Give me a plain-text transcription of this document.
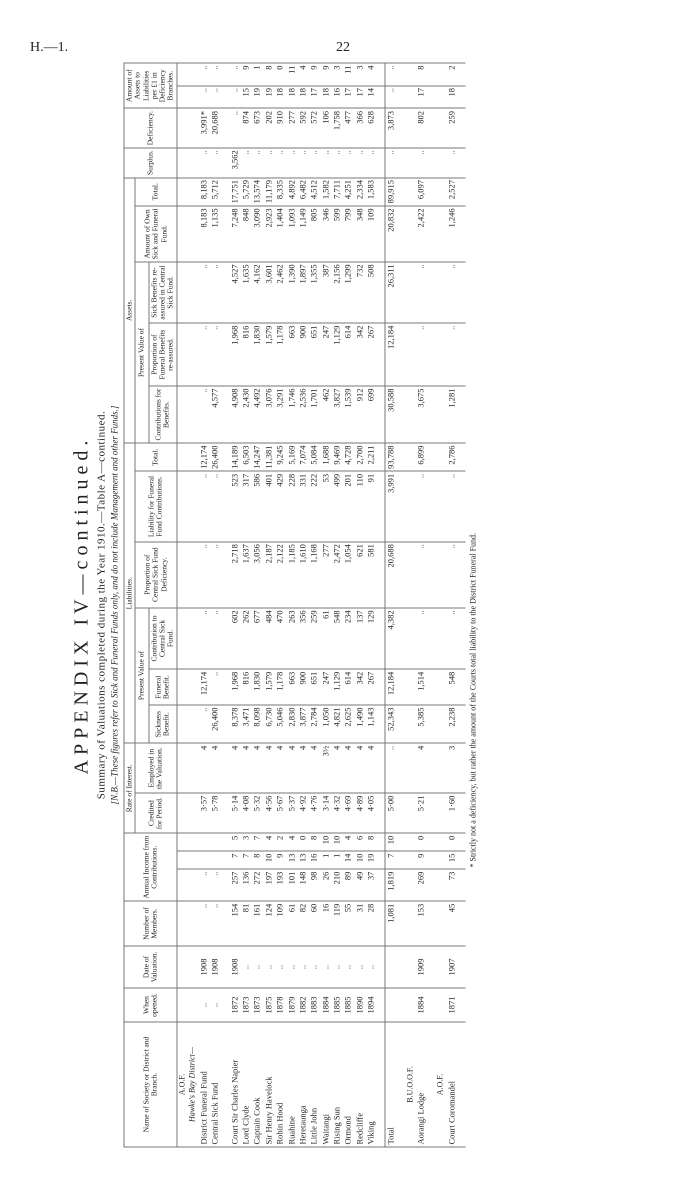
H.—1.	22
APPENDIX IV—continued. Summary of Valuations completed during the Year 1910.—Table A—continued. [N.B.—These figures refer to Sick and Funeral Funds only, and do not include Management and other Funds.]
Name of Society or District and Branch.	When opened.	Date of Valuation.	Number of Members.	Annual Income from Contributions.			Rate of Interest.		Liabilities.						Assets.					Surplus.	Deficiency.	Amount of Assets to Liabilities per £1 in Deficiency Branches.	
							Credited for Period.	Employed in the Valuation.	Present Value of			Proportion of Central Sick Fund Deficiency.	Liability for Funeral Fund Contributions.	Total.	Present Value of			Amount of Own Sick and Funeral Fund.	Total.				
									Sickness Benefit.	Funeral Benefit.	Contribution to Central Sick Fund.				Contributions for Benefits.	Proportion of Funeral Benefits re-assured.	Sick Benefits re-assured in Central Sick Fund.						
A.O.F.																							
Hawke's Bay District—																							
District Funeral Fund	..	1908	..	..			3·57	4	..	12,174	..	..	..	12,174	..	..	..	8,183	8,183	..	3,991*	..	..
Central Sick Fund	..	1908	..	..			5·78	4	26,400	..	..	..	..	26,400	4,577	..	..	1,135	5,712	..	20,688	..	..

Court Sir Charles Napier	1872	1908	154	257	7	5	5·14	4	8,378	1,968	602	2,718	523	14,189	4,908	1,968	4,527	7,248	17,751	3,562	..	..	..
Lord Clyde	1873	..	81	136	7	3	4·08	4	3,471	816	262	1,637	317	6,503	2,430	816	1,635	848	5,729	..	874	15	9
Captain Cook	1873	..	161	272	8	7	5·32	4	8,098	1,830	677	3,056	586	14,247	4,492	1,830	4,162	3,090	13,574	..	673	19	1
Sir Henry Havelock	1875	..	124	197	10	4	4·56	4	6,730	1,579	484	2,187	401	11,381	3,076	1,579	3,601	2,923	11,179	..	202	19	8
Robin Hood	1878	..	109	193	9	2	5·67	4	5,046	1,178	470	2,122	429	9,245	3,291	1,178	2,462	1,404	8,335	..	910	18	0
Ruahine	1879	..	61	101	13	4	5·37	4	2,830	663	263	1,185	228	5,169	1,746	663	1,390	1,093	4,892	..	277	18	11
Heretaunga	1882	..	82	148	13	0	4·92	4	3,877	900	356	1,610	331	7,074	2,536	900	1,897	1,149	6,482	..	592	18	4
Little John	1883	..	60	98	16	8	4·76	4	2,784	651	259	1,168	222	5,084	1,701	651	1,355	805	4,512	..	572	17	9
Waitangi	1884	..	16	26	1	10	3·14	3½	1,050	247	61	277	53	1,688	462	247	387	346	1,582	..	106	18	9
Rising Sun	1885	..	119	210	1	10	4·32	4	4,821	1,129	548	2,472	499	9,469	3,827	1,129	2,156	599	7,711	..	1,758	16	3
Ormond	1885	..	55	89	14	4	4·69	4	2,625	614	234	1,054	201	4,728	1,539	614	1,299	799	4,251	..	477	17	11
Redcliffe	1890	..	31	49	10	6	4·89	4	1,490	342	137	621	110	2,700	912	342	732	348	2,334	..	366	17	3
Viking	1894	..	28	37	19	8	4·05	4	1,143	267	129	581	91	2,211	699	267	508	109	1,583	..	628	14	4

Total			1,081	1,819	7	10	5·00	..	52,343	12,184	4,382	20,688	3,991	93,788	30,588	12,184	26,311	20,832	89,915	..	3,873	..	..

B.U.O.O.F.																							
Aorangi Lodge	1884	1909	153	269	9	0	5·21	4	5,385	1,514	..	..	..	6,899	3,675	..	..	2,422	6,097	..	802	17	8

A.O.F.																							
Court Coromandel	1871	1907	45	73	15	0	1·60	3	2,238	548	..	..	..	2,786	1,281	..	..	1,246	2,527	..	259	18	2

* Strictly not a deficiency, but rather the amount of the Courts total liability to the District Funeral Fund.
